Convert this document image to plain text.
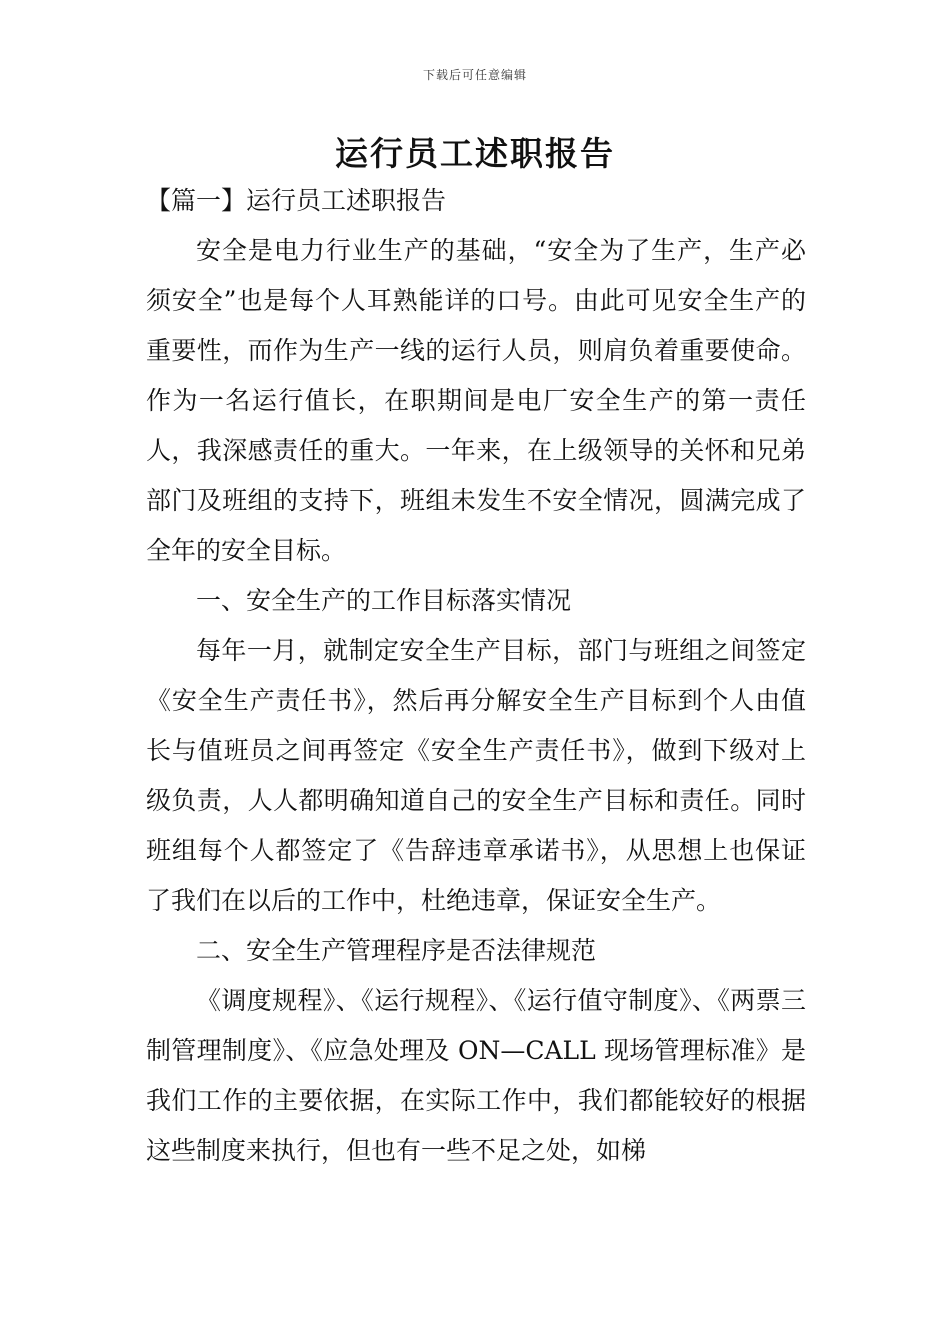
下载后可任意编辑
运行员工述职报告

【篇一】运行员工述职报告

安全是电力行业生产的基础，“安全为了生产，生产必须安全”也是每个人耳熟能详的口号。由此可见安全生产的重要性，而作为生产一线的运行人员，则肩负着重要使命。作为一名运行值长，在职期间是电厂安全生产的第一责任人，我深感责任的重大。一年来，在上级领导的关怀和兄弟部门及班组的支持下，班组未发生不安全情况，圆满完成了全年的安全目标。

一、安全生产的工作目标落实情况

每年一月，就制定安全生产目标，部门与班组之间签定《安全生产责任书》，然后再分解安全生产目标到个人由值长与值班员之间再签定《安全生产责任书》，做到下级对上级负责，人人都明确知道自己的安全生产目标和责任。同时班组每个人都签定了《告辞违章承诺书》，从思想上也保证了我们在以后的工作中，杜绝违章，保证安全生产。

二、安全生产管理程序是否法律规范

《调度规程》、《运行规程》、《运行值守制度》、《两票三制管理制度》、《应急处理及 ON—CALL 现场管理标准》是我们工作的主要依据，在实际工作中，我们都能较好的根据这些制度来执行，但也有一些不足之处，如梯
